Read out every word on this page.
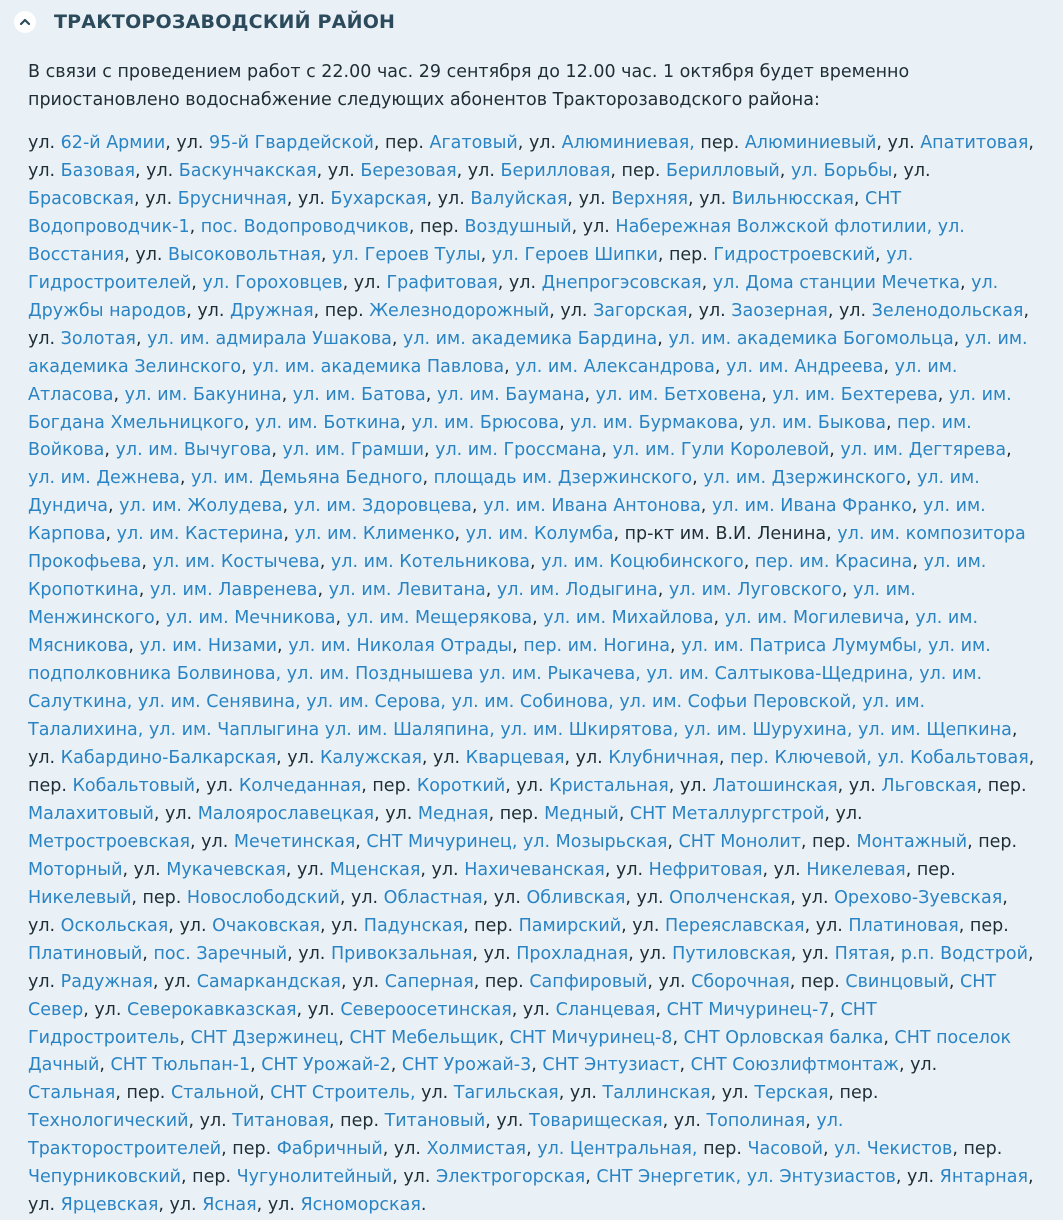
ТРАКТОРОЗАВОДСКИЙ РАЙОН

В связи с проведением работ с 22.00 час. 29 сентября до 12.00 час. 1 октября будет временно приостановлено водоснабжение следующих абонентов Тракторозаводского района:

ул. 62-й Армии, ул. 95-й Гвардейской, пер. Агатовый, ул. Алюминиевая, пер. Алюминиевый, ул. Апатитовая, ул. Базовая, ул. Баскунчакская, ул. Березовая, ул. Берилловая, пер. Берилловый, ул. Борьбы, ул. Брасовская, ул. Брусничная, ул. Бухарская, ул. Валуйская, ул. Верхняя, ул. Вильнюсская, СНТ Водопроводчик-1, пос. Водопроводчиков, пер. Воздушный, ул. Набережная Волжской флотилии, ул. Восстания, ул. Высоковольтная, ул. Героев Тулы, ул. Героев Шипки, пер. Гидростроевский, ул. Гидростроителей, ул. Гороховцев, ул. Графитовая, ул. Днепрогэсовская, ул. Дома станции Мечетка, ул. Дружбы народов, ул. Дружная, пер. Железнодорожный, ул. Загорская, ул. Заозерная, ул. Зеленодольская, ул. Золотая, ул. им. адмирала Ушакова, ул. им. академика Бардина, ул. им. академика Богомольца, ул. им. академика Зелинского, ул. им. академика Павлова, ул. им. Александрова, ул. им. Андреева, ул. им. Атласова, ул. им. Бакунина, ул. им. Батова, ул. им. Баумана, ул. им. Бетховена, ул. им. Бехтерева, ул. им. Богдана Хмельницкого, ул. им. Боткина, ул. им. Брюсова, ул. им. Бурмакова, ул. им. Быкова, пер. им. Войкова, ул. им. Вычугова, ул. им. Грамши, ул. им. Гроссмана, ул. им. Гули Королевой, ул. им. Дегтярева, ул. им. Дежнева, ул. им. Демьяна Бедного, площадь им. Дзержинского, ул. им. Дзержинского, ул. им. Дундича, ул. им. Жолудева, ул. им. Здоровцева, ул. им. Ивана Антонова, ул. им. Ивана Франко, ул. им. Карпова, ул. им. Кастерина, ул. им. Клименко, ул. им. Колумба, пр-кт им. В.И. Ленина, ул. им. композитора Прокофьева, ул. им. Костычева, ул. им. Котельникова, ул. им. Коцюбинского, пер. им. Красина, ул. им. Кропоткина, ул. им. Лавренева, ул. им. Левитана, ул. им. Лодыгина, ул. им. Луговского, ул. им. Менжинского, ул. им. Мечникова, ул. им. Мещерякова, ул. им. Михайлова, ул. им. Могилевича, ул. им. Мясникова, ул. им. Низами, ул. им. Николая Отрады, пер. им. Ногина, ул. им. Патриса Лумумбы, ул. им. подполковника Болвинова, ул. им. Позднышева ул. им. Рыкачева, ул. им. Салтыкова-Щедрина, ул. им. Салуткина, ул. им. Сенявина, ул. им. Серова, ул. им. Собинова, ул. им. Софьи Перовской, ул. им. Талалихина, ул. им. Чаплыгина ул. им. Шаляпина, ул. им. Шкирятова, ул. им. Шурухина, ул. им. Щепкина, ул. Кабардино-Балкарская, ул. Калужская, ул. Кварцевая, ул. Клубничная, пер. Ключевой, ул. Кобальтовая, пер. Кобальтовый, ул. Колчеданная, пер. Короткий, ул. Кристальная, ул. Латошинская, ул. Льговская, пер. Малахитовый, ул. Малоярославецкая, ул. Медная, пер. Медный, СНТ Металлургстрой, ул. Метростроевская, ул. Мечетинская, СНТ Мичуринец, ул. Мозырьская, СНТ Монолит, пер. Монтажный, пер. Моторный, ул. Мукачевская, ул. Мценская, ул. Нахичеванская, ул. Нефритовая, ул. Никелевая, пер. Никелевый, пер. Новослободский, ул. Областная, ул. Обливская, ул. Ополченская, ул. Орехово-Зуевская, ул. Оскольская, ул. Очаковская, ул. Падунская, пер. Памирский, ул. Переяславская, ул. Платиновая, пер. Платиновый, пос. Заречный, ул. Привокзальная, ул. Прохладная, ул. Путиловская, ул. Пятая, р.п. Водстрой, ул. Радужная, ул. Самаркандская, ул. Саперная, пер. Сапфировый, ул. Сборочная, пер. Свинцовый, СНТ Север, ул. Северокавказская, ул. Североосетинская, ул. Сланцевая, СНТ Мичуринец-7, СНТ Гидростроитель, СНТ Дзержинец, СНТ Мебельщик, СНТ Мичуринец-8, СНТ Орловская балка, СНТ поселок Дачный, СНТ Тюльпан-1, СНТ Урожай-2, СНТ Урожай-3, СНТ Энтузиаст, СНТ Союзлифтмонтаж, ул. Стальная, пер. Стальной, СНТ Строитель, ул. Тагильская, ул. Таллинская, ул. Терская, пер. Технологический, ул. Титановая, пер. Титановый, ул. Товарищеская, ул. Тополиная, ул. Тракторостроителей, пер. Фабричный, ул. Холмистая, ул. Центральная, пер. Часовой, ул. Чекистов, пер. Чепурниковский, пер. Чугунолитейный, ул. Электрогорская, СНТ Энергетик, ул. Энтузиастов, ул. Янтарная, ул. Ярцевская, ул. Ясная, ул. Ясноморская.
